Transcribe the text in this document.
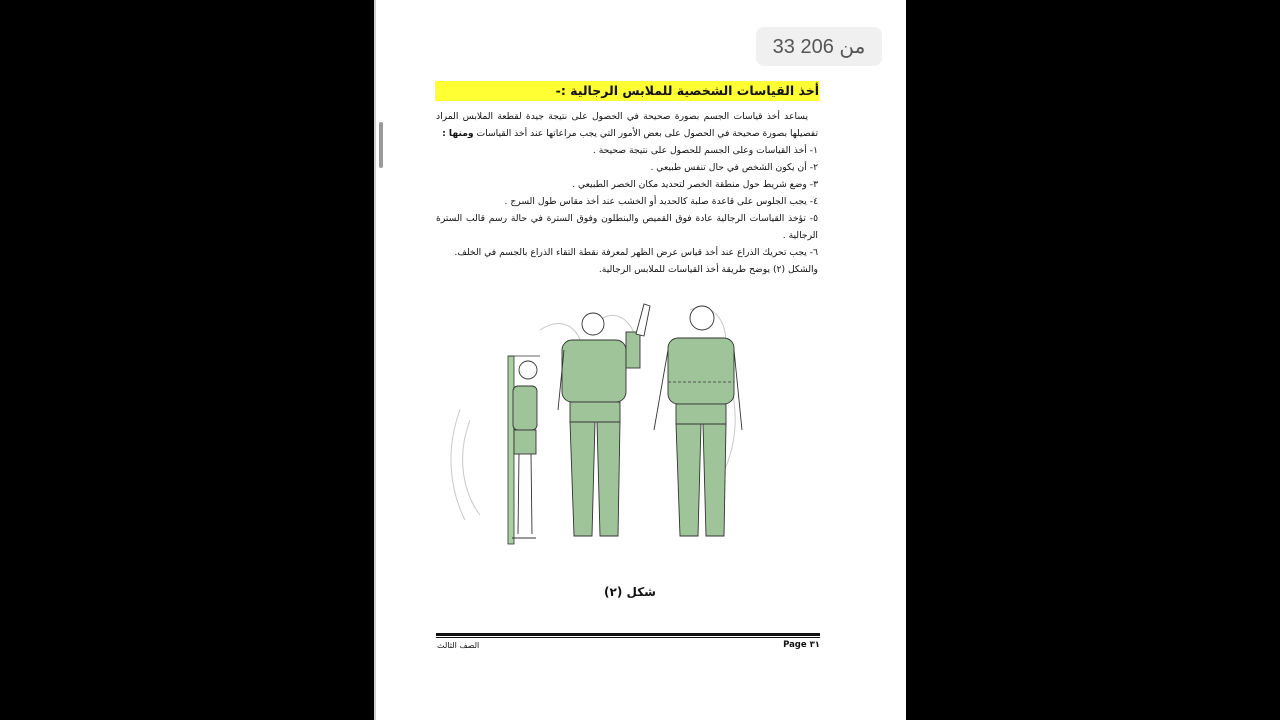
33 من 206
أخذ القياسات الشخصية للملابس الرجالية :-

يساعد أخذ قياسات الجسم بصورة صحيحة في الحصول على نتيجة جيدة لقطعة الملابس المراد تفصيلها بصورة صحيحة في الحصول على بعض الأمور التي يجب مراعاتها عند أخذ القياسات ومنها :

١- أخذ القياسات وعلى الجسم للحصول على نتيجة صحيحة .

٢- أن يكون الشخص في حال تنفس طبيعي .

٣- وضع شريط حول منطقة الخصر لتحديد مكان الخصر الطبيعي .

٤- يجب الجلوس على قاعدة صلبة كالحديد أو الخشب عند أخذ مقاس طول السرج .

٥- تؤخذ القياسات الرجالية عادة فوق القميص والبنطلون وفوق السترة في حالة رسم قالب السترة الرجالية .

٦- يجب تحريك الذراع عند أخذ قياس عرض الظهر لمعرفة نقطة التقاء الذراع بالجسم في الخلف.

والشكل (٢) يوضح طريقة أخذ القياسات للملابس الرجالية.

شكل (٢)
Page ٣١
الصف الثالث
